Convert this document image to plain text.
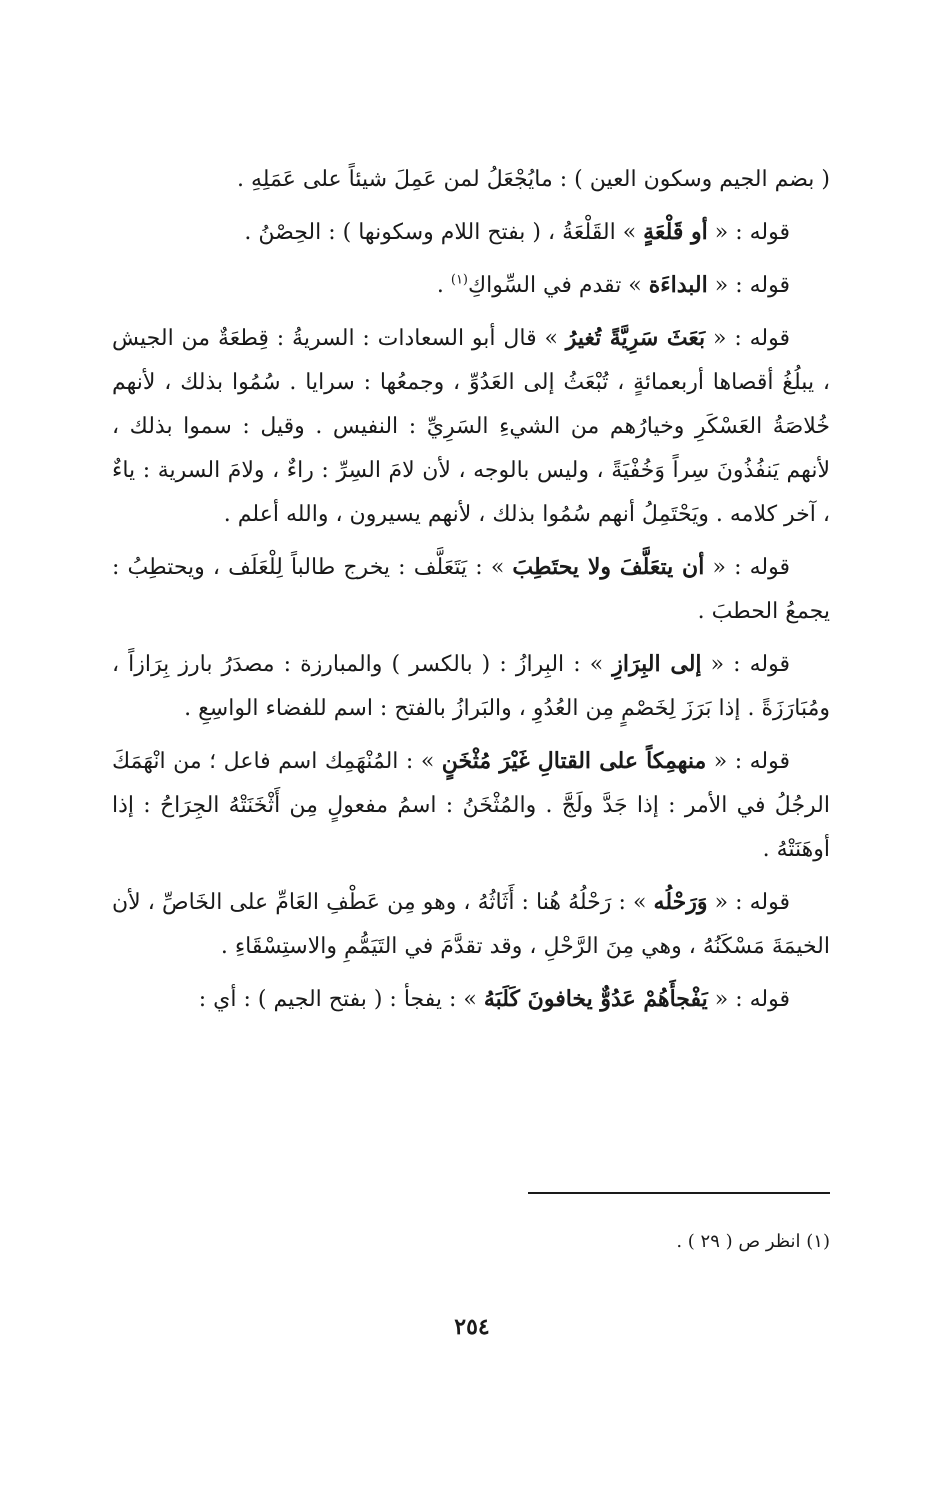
( بضم الجيم وسكون العين ) : مايُجْعَلُ لمن عَمِلَ شيئاً على عَمَلِهِ .

قوله : « أو قَلْعَةٍ » القَلْعَةُ ، ( بفتح اللام وسكونها ) : الحِصْنُ .

قوله : « البداءَة » تقدم في السِّواكِ$^{(١)}$ .

قوله : « بَعَثَ سَرِيَّةً تُغيرُ » قال أبو السعادات : السريةُ : قِطعَةٌ من الجيش ، يبلُغُ أقصاها أربعمائةٍ ، تُبْعَثُ إلى العَدُوِّ ، وجمعُها : سرايا . سُمُوا بذلك ، لأنهم خُلاصَةُ العَسْكَرِ وخيارُهم من الشيءِ السَرِيِّ : النفيس . وقيل : سموا بذلك ، لأنهم يَنفُذُونَ سِراً وَخُفْيَةً ، وليس بالوجه ، لأن لامَ السِرِّ : راءٌ ، ولامَ السرية : ياءٌ ، آخر كلامه . ويَحْتَمِلُ أنهم سُمُوا بذلك ، لأنهم يسيرون ، والله أعلم .

قوله : « أن يتعَلَّفَ ولا يحتَطِبَ » : يَتَعَلَّف : يخرج طالباً لِلْعَلَف ، ويحتطِبُ : يجمعُ الحطبَ .

قوله : « إلى البِرَازِ » : البِرازُ : ( بالكسر ) والمبارزة : مصدَرُ بارز بِرَازاً ، ومُبَارَزَةً . إذا بَرَزَ لِخَصْمٍ مِن العُدُوِ ، والبَرازُ بالفتح : اسم للفضاء الواسِعِ .

قوله : « منهمِكاً على القتالِ غَيْرَ مُثْخَنٍ » : المُنْهَمِك اسم فاعل ؛ من انْهَمَكَ الرجُلُ في الأمر : إذا جَدَّ ولَجَّ . والمُثْخَنُ : اسمُ مفعولٍ مِن أَثْخَنَتْهُ الجِرَاحُ : إذا أوهَنَتْهُ .

قوله : « وَرَحْلُه » : رَحْلُهُ هُنا : أَثَاثُهُ ، وهو مِن عَطْفِ العَامِّ على الخَاصِّ ، لأن الخيمَةَ مَسْكَنُهُ ، وهي مِنَ الرَّحْلِ ، وقد تقدَّمَ في التَيَمُّمِ والاستِسْقَاءِ .

قوله : « يَفْجأَهُمْ عَدُوٌّ يخافونَ كَلَبَهُ » : يفجأ : ( بفتح الجيم ) : أي :

(١) انظر ص ( ٢٩ ) .
٢٥٤
